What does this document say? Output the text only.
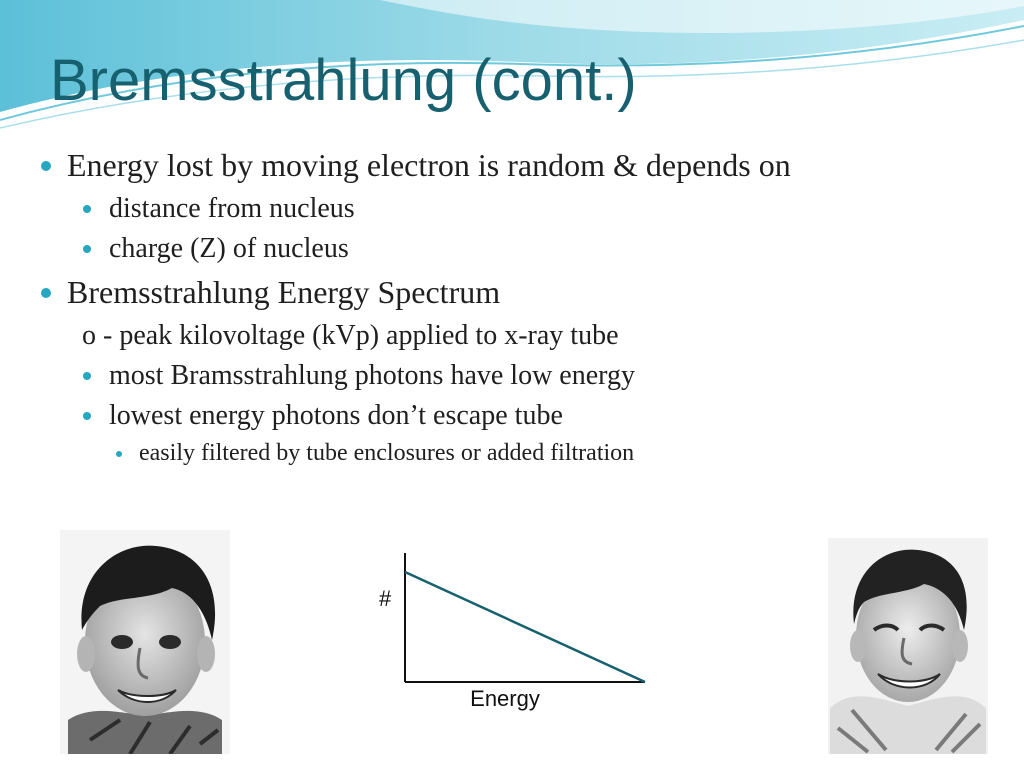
Bremsstrahlung (cont.)
Energy lost by moving electron is random & depends on
distance from nucleus
charge (Z) of nucleus
Bremsstrahlung Energy Spectrum
o - peak kilovoltage (kVp) applied to x-ray tube
most Bramsstrahlung photons have low energy
lowest energy photons don’t escape tube
easily filtered by tube enclosures or added filtration
#
Energy
